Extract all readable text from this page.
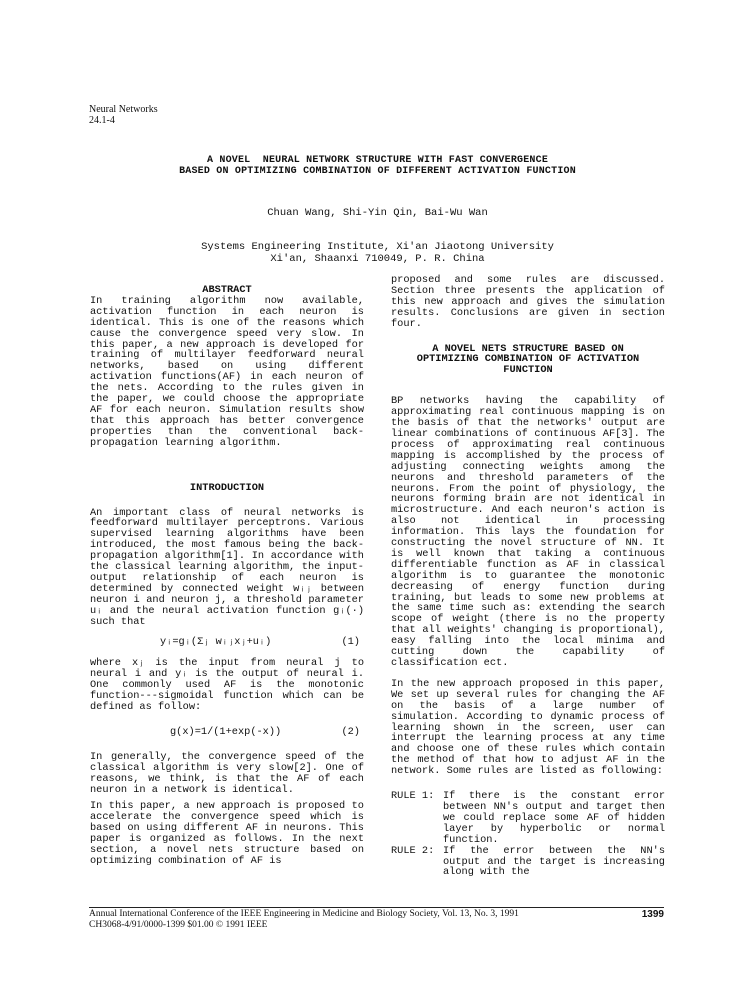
Neural Networks
24.1-4
A NOVEL  NEURAL NETWORK STRUCTURE WITH FAST CONVERGENCE
BASED ON OPTIMIZING COMBINATION OF DIFFERENT ACTIVATION FUNCTION
Chuan Wang, Shi-Yin Qin, Bai-Wu Wan
Systems Engineering Institute, Xi'an Jiaotong University
Xi'an, Shaanxi 710049, P. R. China

ABSTRACT

In training algorithm now available, activation function in each neuron is identical. This is one of the reasons which cause the convergence speed very slow. In this paper, a new approach is developed for training of multilayer feedforward neural networks, based on using different activation functions(AF) in each neuron of the nets. According to the rules given in the paper, we could choose the appropriate AF for each neuron. Simulation results show that this approach has better convergence properties than the conventional back-propagation learning algorithm.

INTRODUCTION

An important class of neural networks is feedforward multilayer perceptrons. Various supervised learning algorithms have been introduced, the most famous being the back-propagation algorithm[1]. In accordance with the classical learning algorithm, the input-output relationship of each neuron is determined by connected weight wᵢⱼ between neuron i and neuron j, a threshold parameter uᵢ and the neural activation function gᵢ(·) such that

yᵢ=gᵢ(Σⱼ wᵢⱼxⱼ+uᵢ)	(1)

where xⱼ is the input from neural j to neural i and yᵢ is the output of neural i. One commonly used AF is the monotonic function---sigmoidal function which can be defined as follow:

g(x)=1/(1+exp(-x))	(2)

In generally, the convergence speed of the classical algorithm is very slow[2]. One of reasons, we think, is that the AF of each neuron in a network is identical.

In this paper, a new approach is proposed to accelerate the convergence speed which is based on using different AF in neurons. This paper is organized as follows. In the next section, a novel nets structure based on optimizing combination of AF is

proposed and some rules are discussed. Section three presents the application of this new approach and gives the simulation results. Conclusions are given in section four.

A NOVEL NETS STRUCTURE BASED ON
OPTIMIZING COMBINATION OF ACTIVATION
FUNCTION

BP networks having the capability of approximating real continuous mapping is on the basis of that the networks' output are linear combinations of continuous AF[3]. The process of approximating real continuous mapping is accomplished by the process of adjusting connecting weights among the neurons and threshold parameters of the neurons. From the point of physiology, the neurons forming brain are not identical in microstructure. And each neuron's action is also not identical in processing information. This lays the foundation for constructing the novel structure of NN. It is well known that taking a continuous differentiable function as AF in classical algorithm is to guarantee the monotonic decreasing of energy function during training, but leads to some new problems at the same time such as: extending the search scope of weight (there is no the property that all weights' changing is proportional), easy falling into the local minima and cutting down the capability of classification ect.

In the new approach proposed in this paper, We set up several rules for changing the AF on the basis of a large number of simulation. According to dynamic process of learning shown in the screen, user can interrupt the learning process at any time and choose one of these rules which contain the method of that how to adjust AF in the network. Some rules are listed as following:

RULE 1: If there is the constant error between NN's output and target then we could replace some AF of hidden layer by hyperbolic or normal function.
RULE 2: If the error between the NN's output and the target is increasing along with the
Annual International Conference of the IEEE Engineering in Medicine and Biology Society, Vol. 13, No. 3, 1991	1399
CH3068-4/91/0000-1399 $01.00 © 1991 IEEE
